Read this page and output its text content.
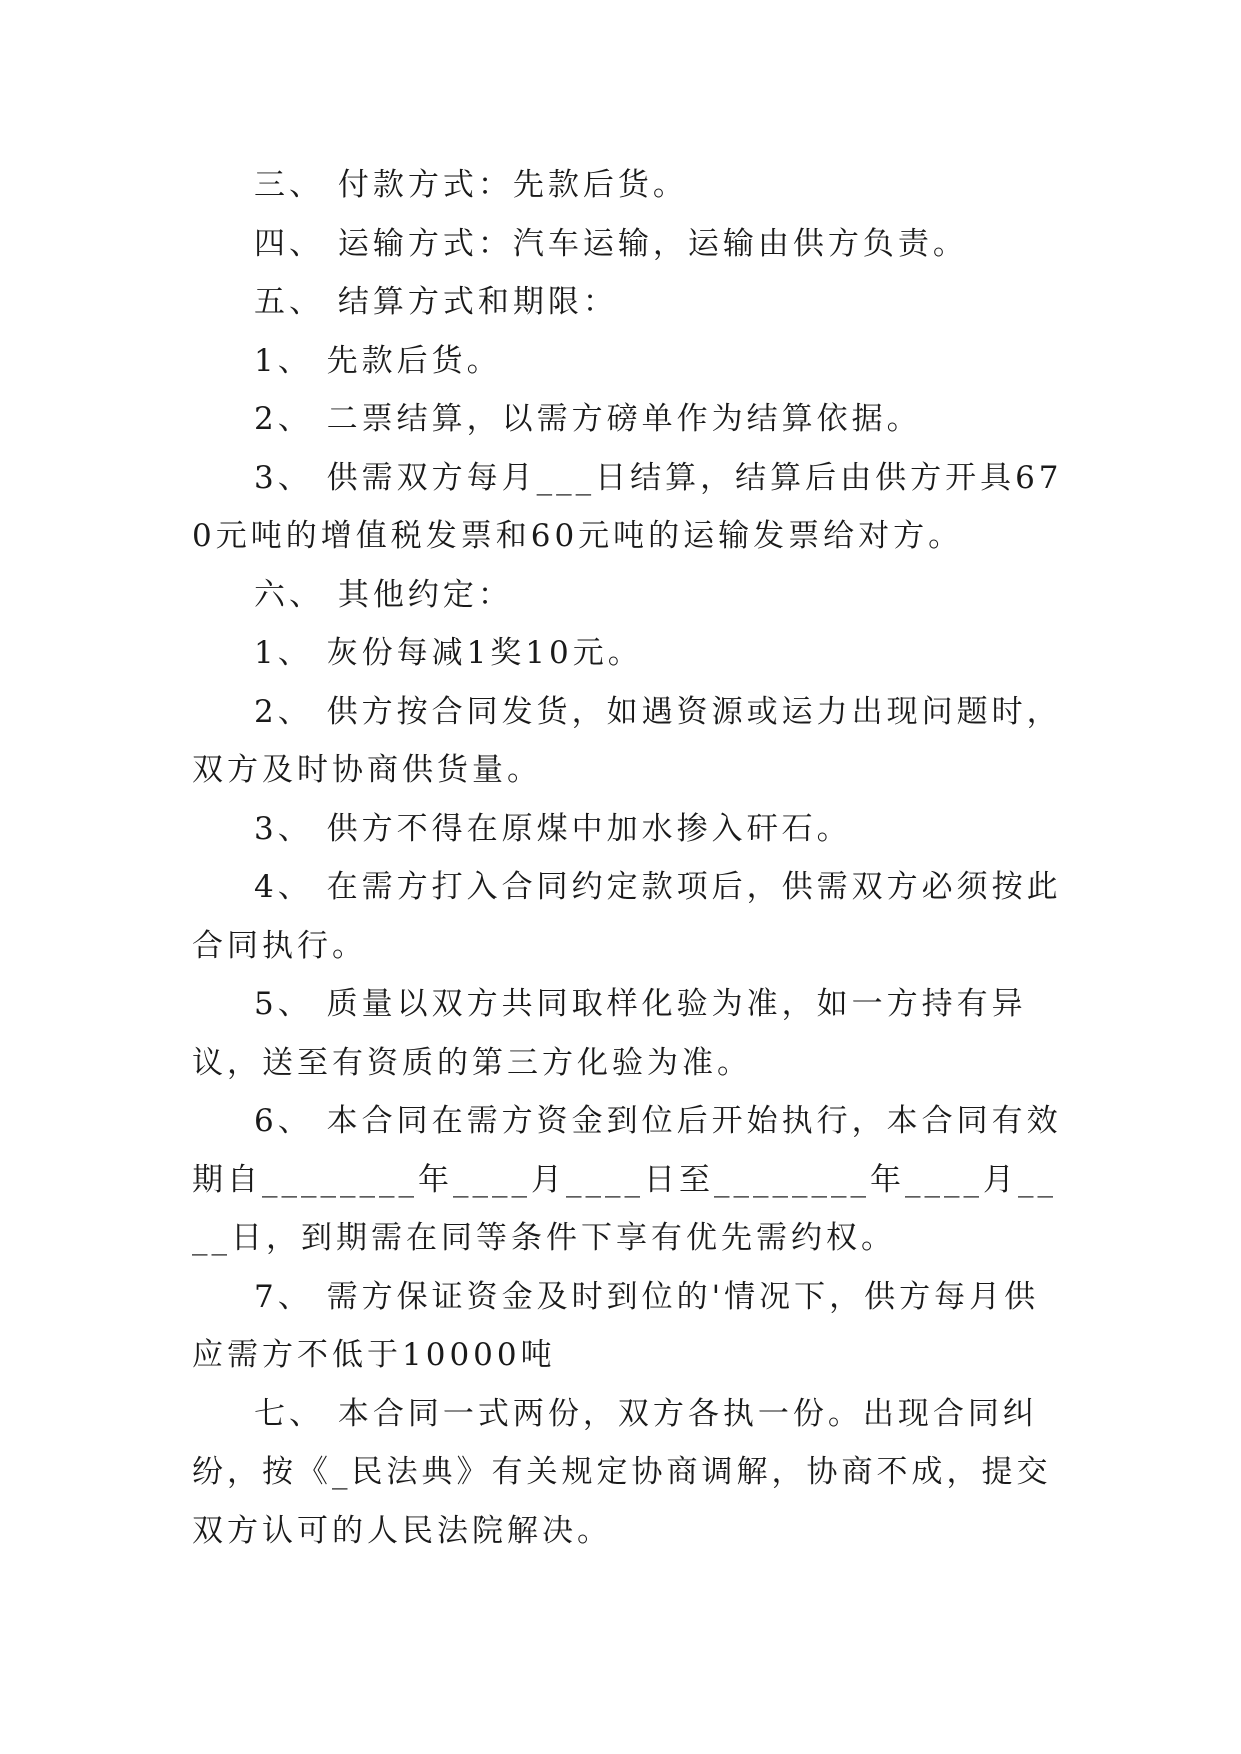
三、 付款方式：先款后货。

四、 运输方式：汽车运输，运输由供方负责。

五、 结算方式和期限：

1、 先款后货。

2、 二票结算，以需方磅单作为结算依据。

3、 供需双方每月___日结算，结算后由供方开具670元吨的增值税发票和60元吨的运输发票给对方。

六、 其他约定：

1、 灰份每减1奖10元。

2、 供方按合同发货，如遇资源或运力出现问题时，双方及时协商供货量。

3、 供方不得在原煤中加水掺入矸石。

4、 在需方打入合同约定款项后，供需双方必须按此合同执行。

5、 质量以双方共同取样化验为准，如一方持有异议，送至有资质的第三方化验为准。

6、 本合同在需方资金到位后开始执行，本合同有效期自________年____月____日至________年____月____日，到期需在同等条件下享有优先需约权。

7、 需方保证资金及时到位的'情况下，供方每月供应需方不低于10000吨

七、 本合同一式两份，双方各执一份。出现合同纠纷，按《_民法典》有关规定协商调解，协商不成，提交双方认可的人民法院解决。
